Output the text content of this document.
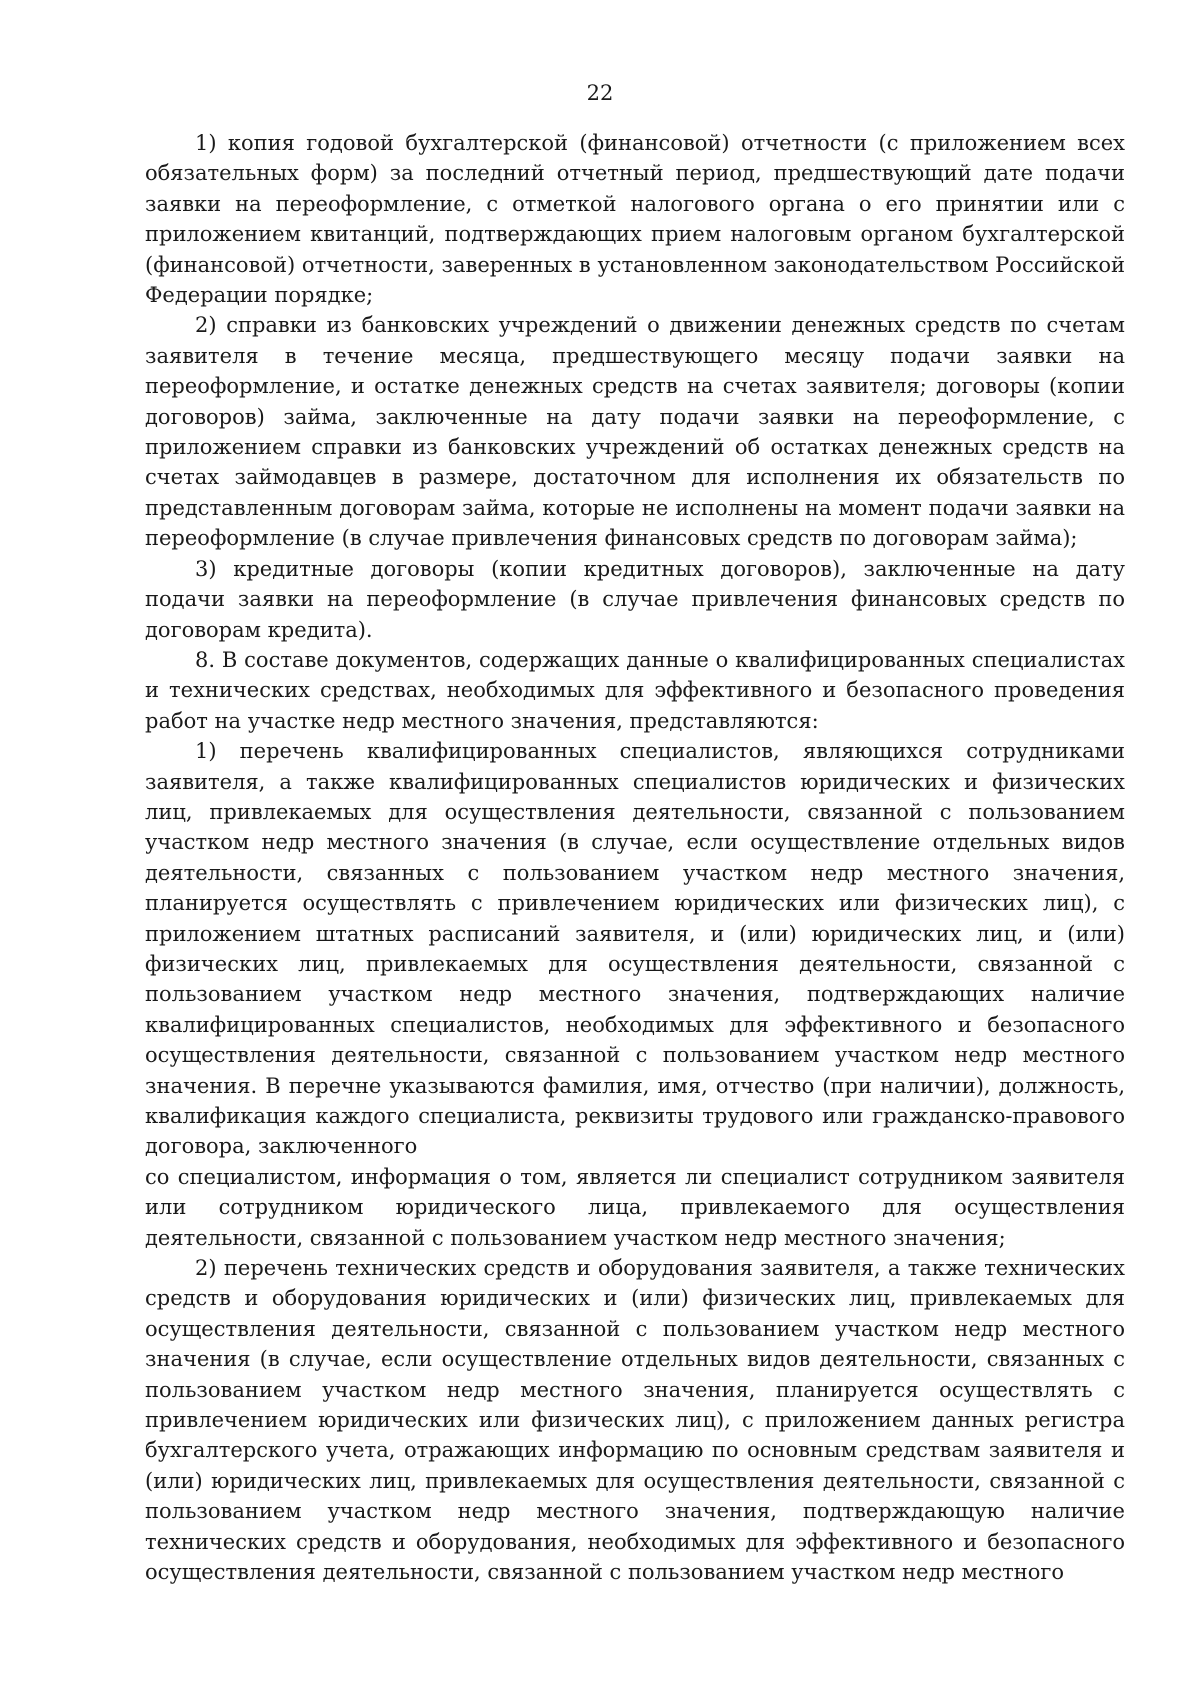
22

1) копия годовой бухгалтерской (финансовой) отчетности (с приложением всех обязательных форм) за последний отчетный период, предшествующий дате подачи заявки на переоформление, с отметкой налогового органа о его принятии или с приложением квитанций, подтверждающих прием налоговым органом бухгалтерской (финансовой) отчетности, заверенных в установленном законодательством Российской Федерации порядке;

2) справки из банковских учреждений о движении денежных средств по счетам заявителя в течение месяца, предшествующего месяцу подачи заявки на переоформление, и остатке денежных средств на счетах заявителя; договоры (копии договоров) займа, заключенные на дату подачи заявки на переоформление, с приложением справки из банковских учреждений об остатках денежных средств на счетах займодавцев в размере, достаточном для исполнения их обязательств по представленным договорам займа, которые не исполнены на момент подачи заявки на переоформление (в случае привлечения финансовых средств по договорам займа);

3) кредитные договоры (копии кредитных договоров), заключенные на дату подачи заявки на переоформление (в случае привлечения финансовых средств по договорам кредита).

8. В составе документов, содержащих данные о квалифицированных специалистах и технических средствах, необходимых для эффективного и безопасного проведения работ на участке недр местного значения, представляются:

1) перечень квалифицированных специалистов, являющихся сотрудниками заявителя, а также квалифицированных специалистов юридических и физических лиц, привлекаемых для осуществления деятельности, связанной с пользованием участком недр местного значения (в случае, если осуществление отдельных видов деятельности, связанных с пользованием участком недр местного значения, планируется осуществлять с привлечением юридических или физических лиц), с приложением штатных расписаний заявителя, и (или) юридических лиц, и (или) физических лиц, привлекаемых для осуществления деятельности, связанной с пользованием участком недр местного значения, подтверждающих наличие квалифицированных специалистов, необходимых для эффективного и безопасного осуществления деятельности, связанной с пользованием участком недр местного значения. В перечне указываются фамилия, имя, отчество (при наличии), должность, квалификация каждого специалиста, реквизиты трудового или гражданско-правового договора, заключенного

со специалистом, информация о том, является ли специалист сотрудником заявителя или сотрудником юридического лица, привлекаемого для осуществления деятельности, связанной с пользованием участком недр местного значения;

2) перечень технических средств и оборудования заявителя, а также технических средств и оборудования юридических и (или) физических лиц, привлекаемых для осуществления деятельности, связанной с пользованием участком недр местного значения (в случае, если осуществление отдельных видов деятельности, связанных с пользованием участком недр местного значения, планируется осуществлять с привлечением юридических или физических лиц), с приложением данных регистра бухгалтерского учета, отражающих информацию по основным средствам заявителя и (или) юридических лиц, привлекаемых для осуществления деятельности, связанной с пользованием участком недр местного значения, подтверждающую наличие технических средств и оборудования, необходимых для эффективного и безопасного осуществления деятельности, связанной с пользованием участком недр местного
